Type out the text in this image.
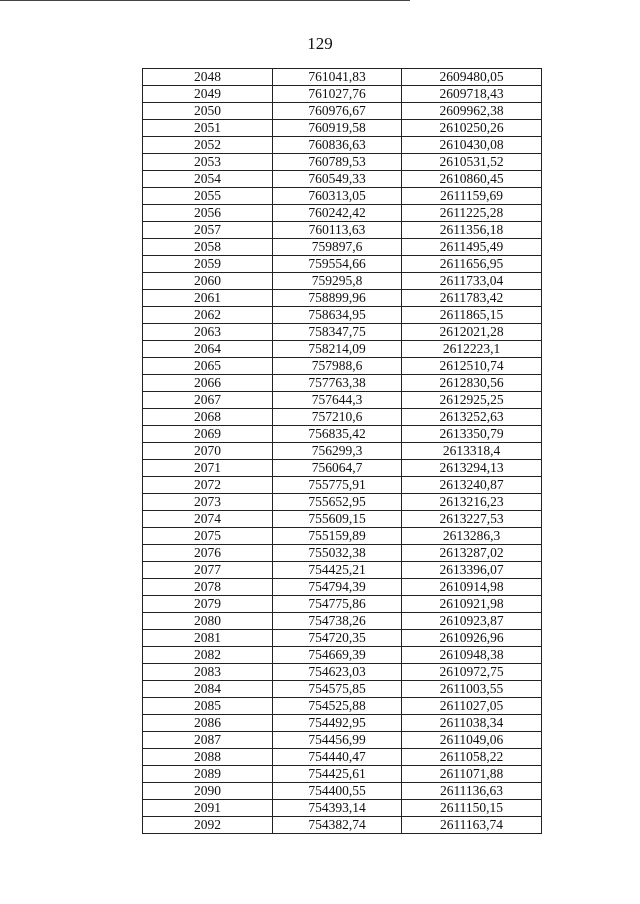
129
2048	761041,83	2609480,05
2049	761027,76	2609718,43
2050	760976,67	2609962,38
2051	760919,58	2610250,26
2052	760836,63	2610430,08
2053	760789,53	2610531,52
2054	760549,33	2610860,45
2055	760313,05	2611159,69
2056	760242,42	2611225,28
2057	760113,63	2611356,18
2058	759897,6	2611495,49
2059	759554,66	2611656,95
2060	759295,8	2611733,04
2061	758899,96	2611783,42
2062	758634,95	2611865,15
2063	758347,75	2612021,28
2064	758214,09	2612223,1
2065	757988,6	2612510,74
2066	757763,38	2612830,56
2067	757644,3	2612925,25
2068	757210,6	2613252,63
2069	756835,42	2613350,79
2070	756299,3	2613318,4
2071	756064,7	2613294,13
2072	755775,91	2613240,87
2073	755652,95	2613216,23
2074	755609,15	2613227,53
2075	755159,89	2613286,3
2076	755032,38	2613287,02
2077	754425,21	2613396,07
2078	754794,39	2610914,98
2079	754775,86	2610921,98
2080	754738,26	2610923,87
2081	754720,35	2610926,96
2082	754669,39	2610948,38
2083	754623,03	2610972,75
2084	754575,85	2611003,55
2085	754525,88	2611027,05
2086	754492,95	2611038,34
2087	754456,99	2611049,06
2088	754440,47	2611058,22
2089	754425,61	2611071,88
2090	754400,55	2611136,63
2091	754393,14	2611150,15
2092	754382,74	2611163,74
